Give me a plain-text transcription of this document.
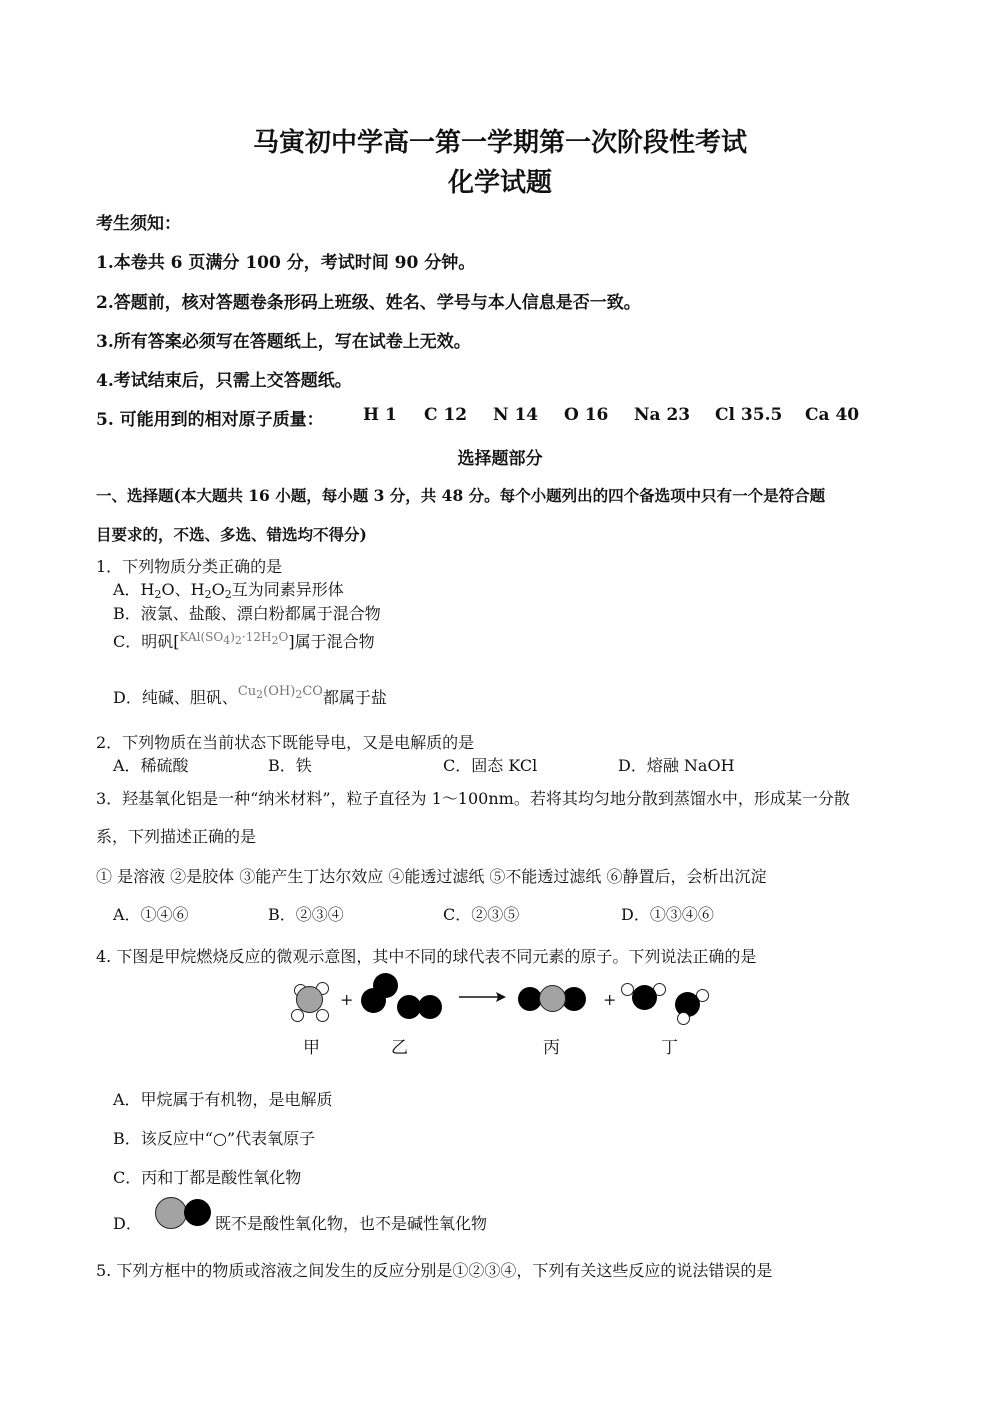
马寅初中学高一第一学期第一次阶段性考试
化学试题
考生须知：
1.本卷共 6 页满分 100 分，考试时间 90 分钟。
2.答题前，核对答题卷条形码上班级、姓名、学号与本人信息是否一致。
3.所有答案必须写在答题纸上，写在试卷上无效。
4.考试结束后，只需上交答题纸。
5. 可能用到的相对原子质量： H 1 C 12 N 14 O 16 Na 23 Cl 35.5 Ca 40
选择题部分
一、选择题(本大题共 16 小题，每小题 3 分，共 48 分。每个小题列出的四个备选项中只有一个是符合题
目要求的，不选、多选、错选均不得分)
1．下列物质分类正确的是
A．$H_2O$、$H_2O_2$互为同素异形体
B．液氯、盐酸、漂白粉都属于混合物
C．明矾[$^{KAl(SO4)2\cdot 12H2O}$]属于混合物
D．纯碱、胆矾、$^{Cu_2(OH)_2CO}$都属于盐
2．下列物质在当前状态下既能导电，又是电解质的是
A．稀硫酸	B．铁	C．固态 KCl	D．熔融 NaOH
3．羟基氧化铝是一种“纳米材料”，粒子直径为 1～100nm。若将其均匀地分散到蒸馏水中，形成某一分散
系，下列描述正确的是
① 是溶液 ②是胶体 ③能产生丁达尔效应 ④能透过滤纸 ⑤不能透过滤纸 ⑥静置后，会析出沉淀
A．①④⑥	B．②③④	C．②③⑤	D．①③④⑥
4. 下图是甲烷燃烧反应的微观示意图，其中不同的球代表不同元素的原子。下列说法正确的是
+	+
甲	乙	丙	丁
A．甲烷属于有机物，是电解质
B．该反应中“○”代表氧原子
C．丙和丁都是酸性氧化物
D．	既不是酸性氧化物，也不是碱性氧化物
5. 下列方框中的物质或溶液之间发生的反应分别是①②③④，下列有关这些反应的说法错误的是
